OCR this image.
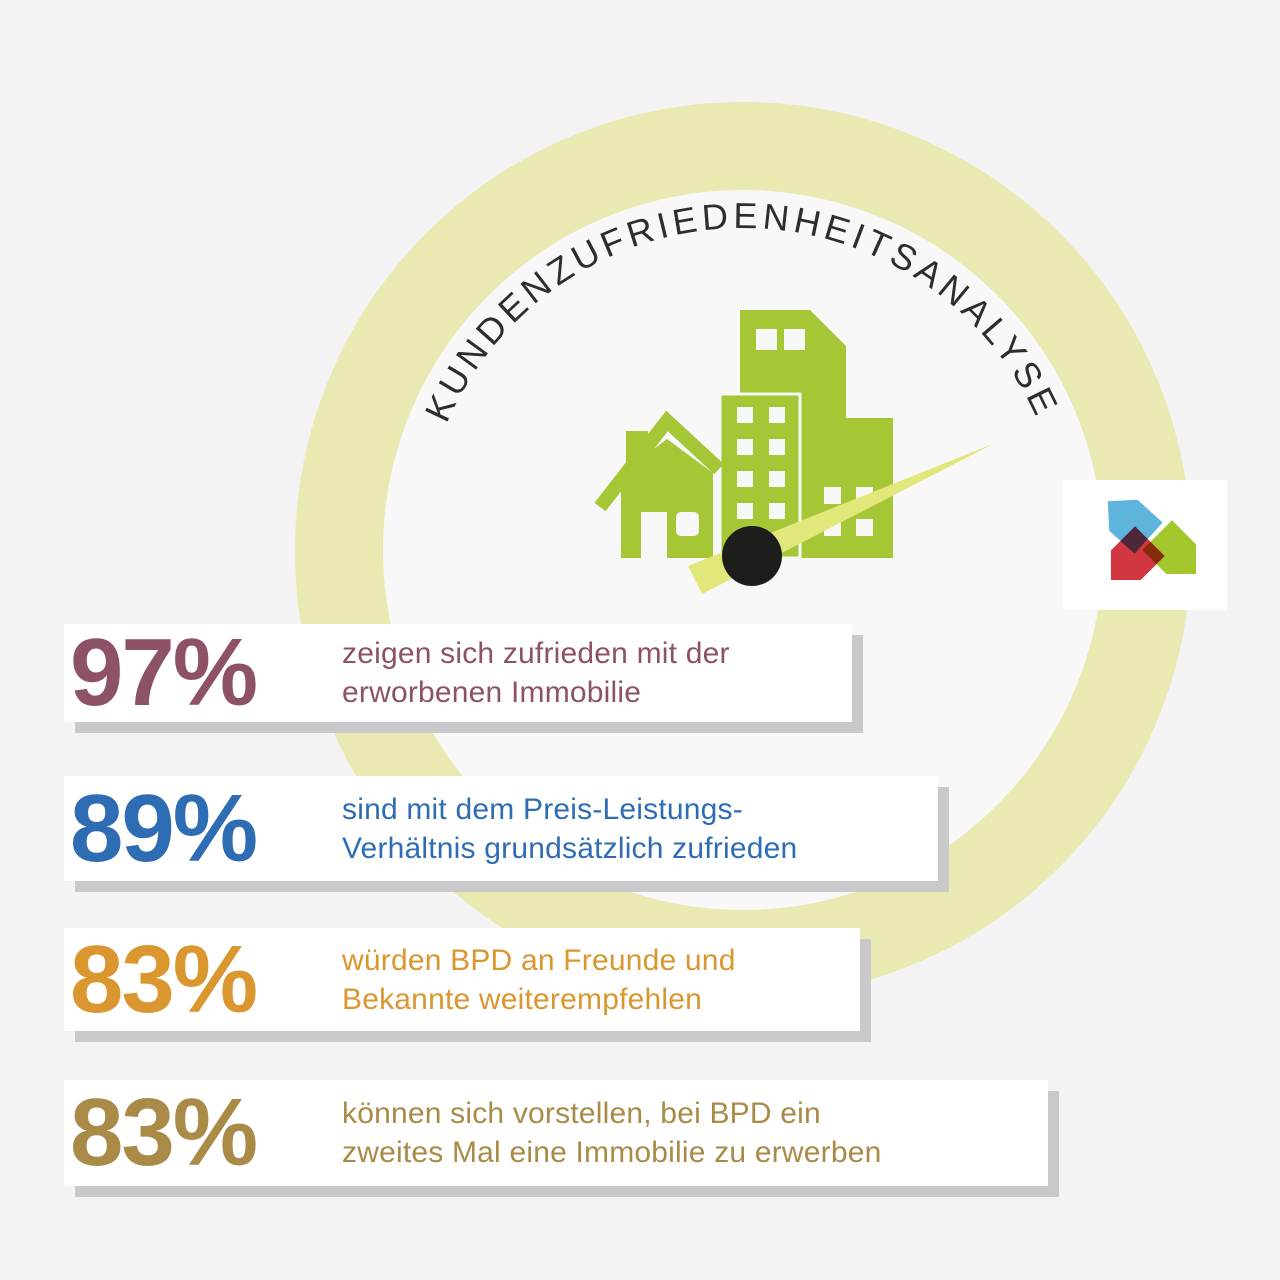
KUNDENZUFRIEDENHEITSANALYSE
97%	zeigen sich zufrieden mit der
erworbenen Immobilie
89%	sind mit dem Preis-Leistungs-
Verhältnis grundsätzlich zufrieden
83%	würden BPD an Freunde und
Bekannte weiterempfehlen
83%	können sich vorstellen, bei BPD ein
zweites Mal eine Immobilie zu erwerben
